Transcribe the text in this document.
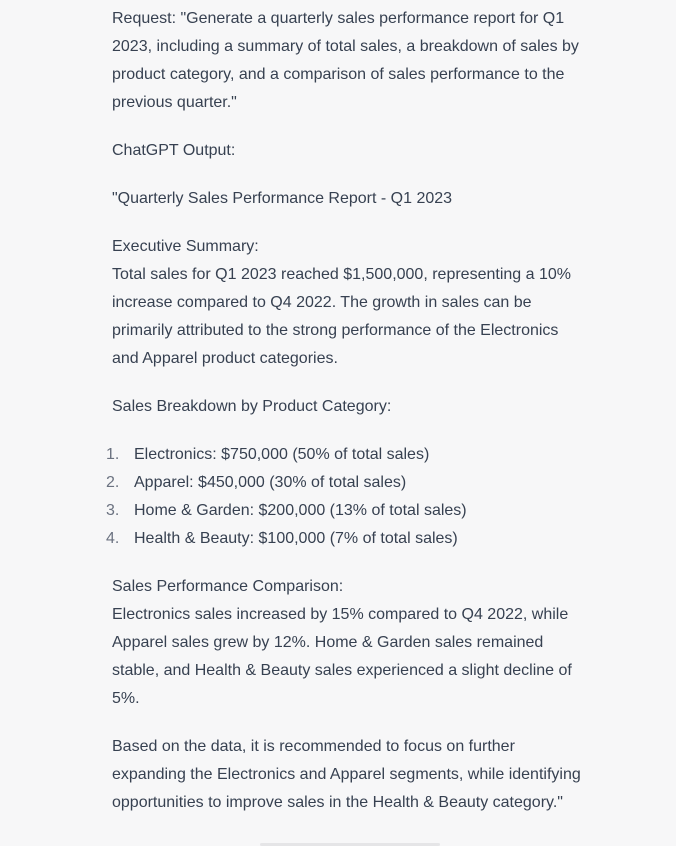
Request: "Generate a quarterly sales performance report for Q1 2023, including a summary of total sales, a breakdown of sales by product category, and a comparison of sales performance to the previous quarter."

ChatGPT Output:

"Quarterly Sales Performance Report - Q1 2023

Executive Summary:

Total sales for Q1 2023 reached $1,500,000, representing a 10% increase compared to Q4 2022. The growth in sales can be primarily attributed to the strong performance of the Electronics and Apparel product categories.

Sales Breakdown by Product Category:

1. Electronics: $750,000 (50% of total sales)
2. Apparel: $450,000 (30% of total sales)
3. Home & Garden: $200,000 (13% of total sales)
4. Health & Beauty: $100,000 (7% of total sales)

Sales Performance Comparison:

Electronics sales increased by 15% compared to Q4 2022, while Apparel sales grew by 12%. Home & Garden sales remained stable, and Health & Beauty sales experienced a slight decline of 5%.

Based on the data, it is recommended to focus on further expanding the Electronics and Apparel segments, while identifying opportunities to improve sales in the Health & Beauty category."
